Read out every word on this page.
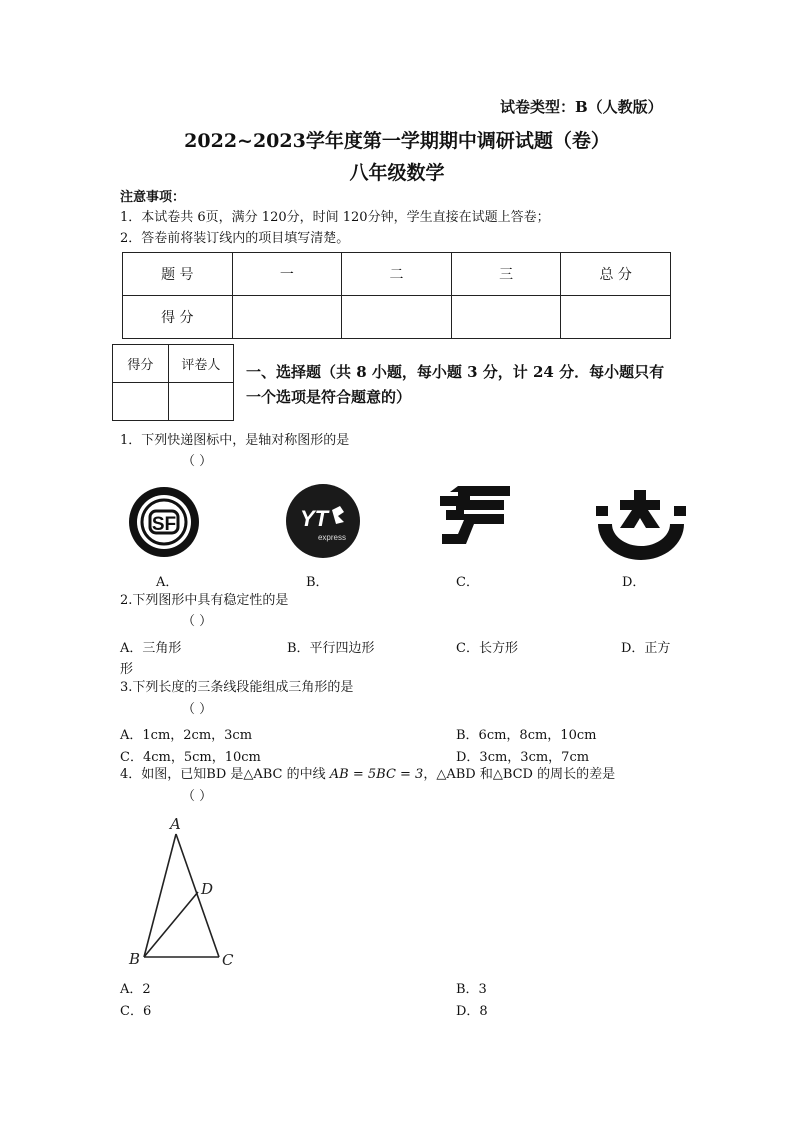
试卷类型：B（人教版）
2022~2023学年度第一学期期中调研试题（卷）
八年级数学
注意事项：
1．本试卷共 6页，满分 120分，时间 120分钟，学生直接在试题上答卷；
2．答卷前将装订线内的项目填写清楚。
题 号	一	二	三	总 分
得 分				
得分	评卷人
	一、选择题（共 8 小题，每小题 3 分，计 24 分．每小题只有
一个选项是符合题意的）
1．下列快递图标中，是轴对称图形的是
（ ）
SF	YT
express
A．	B．	C．	D．
2.下列图形中具有稳定性的是
（ ）
A．三角形	B．平行四边形	C．长方形	D．正方
形
3.下列长度的三条线段能组成三角形的是
（ ）
A．1cm，2cm，3cm	B．6cm，8cm，10cm
C．4cm，5cm，10cm	D．3cm，3cm，7cm
4．如图，已知BD 是△ABC 的中线 AB = 5BC = 3，△ABD 和△BCD 的周长的差是
（ ）
A
B	C
D
A．2	B．3
C．6	D．8
